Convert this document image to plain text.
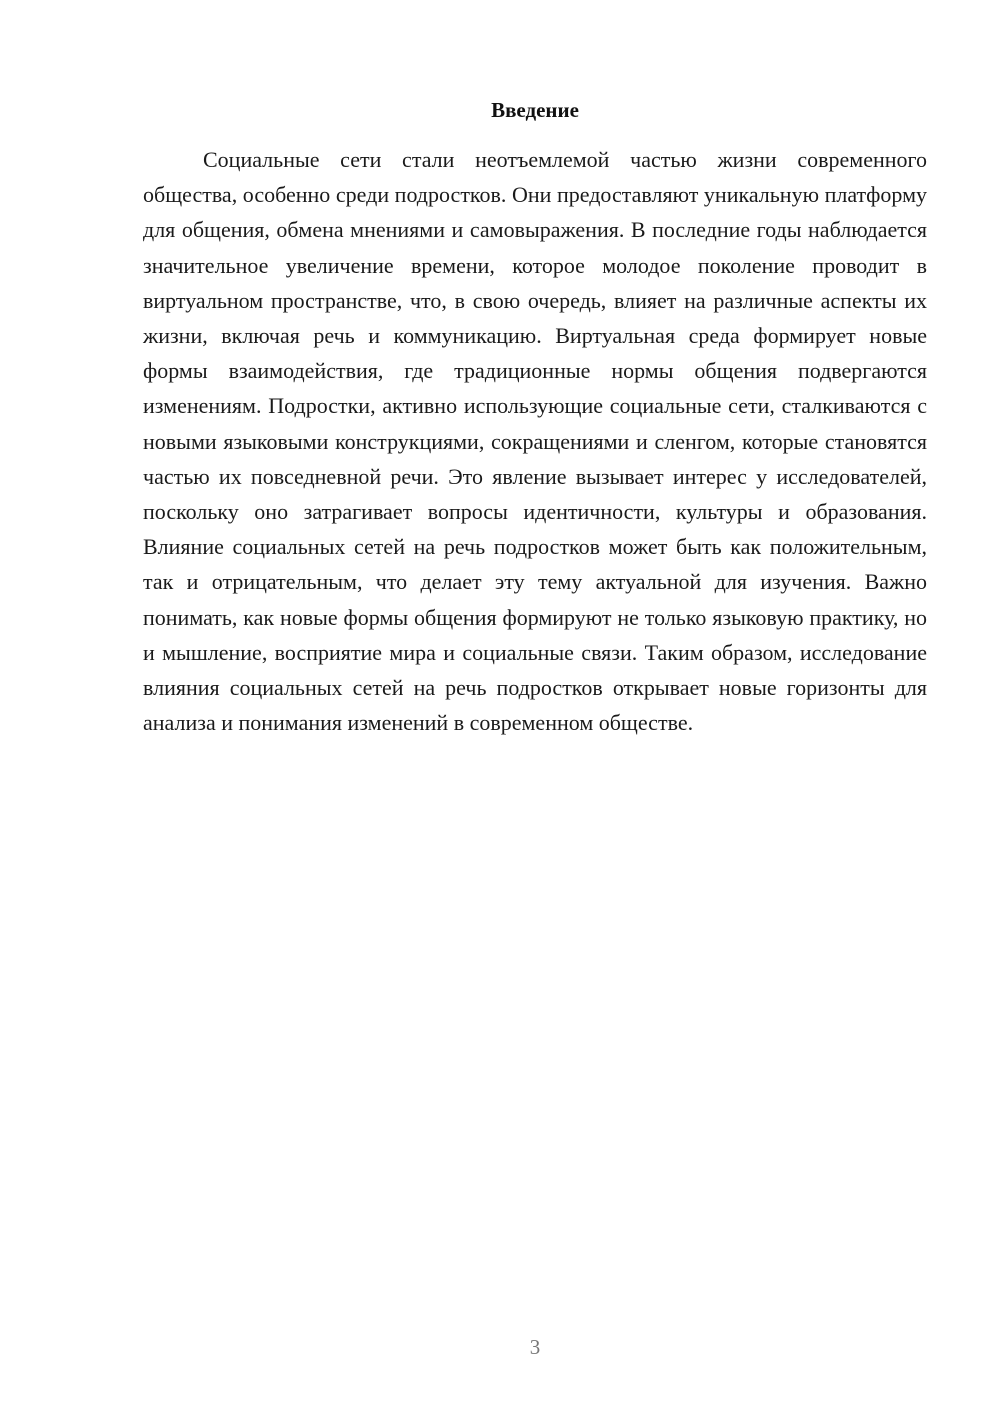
Введение

Социальные сети стали неотъемлемой частью жизни современного общества, особенно среди подростков. Они предоставляют уникальную платформу для общения, обмена мнениями и самовыражения. В последние годы наблюдается значительное увеличение времени, которое молодое поколение проводит в виртуальном пространстве, что, в свою очередь, влияет на различные аспекты их жизни, включая речь и коммуникацию. Виртуальная среда формирует новые формы взаимодействия, где традиционные нормы общения подвергаются изменениям. Подростки, активно использующие социальные сети, сталкиваются с новыми языковыми конструкциями, сокращениями и сленгом, которые становятся частью их повседневной речи. Это явление вызывает интерес у исследователей, поскольку оно затрагивает вопросы идентичности, культуры и образования. Влияние социальных сетей на речь подростков может быть как положительным, так и отрицательным, что делает эту тему актуальной для изучения. Важно понимать, как новые формы общения формируют не только языковую практику, но и мышление, восприятие мира и социальные связи. Таким образом, исследование влияния социальных сетей на речь подростков открывает новые горизонты для анализа и понимания изменений в современном обществе.

3
